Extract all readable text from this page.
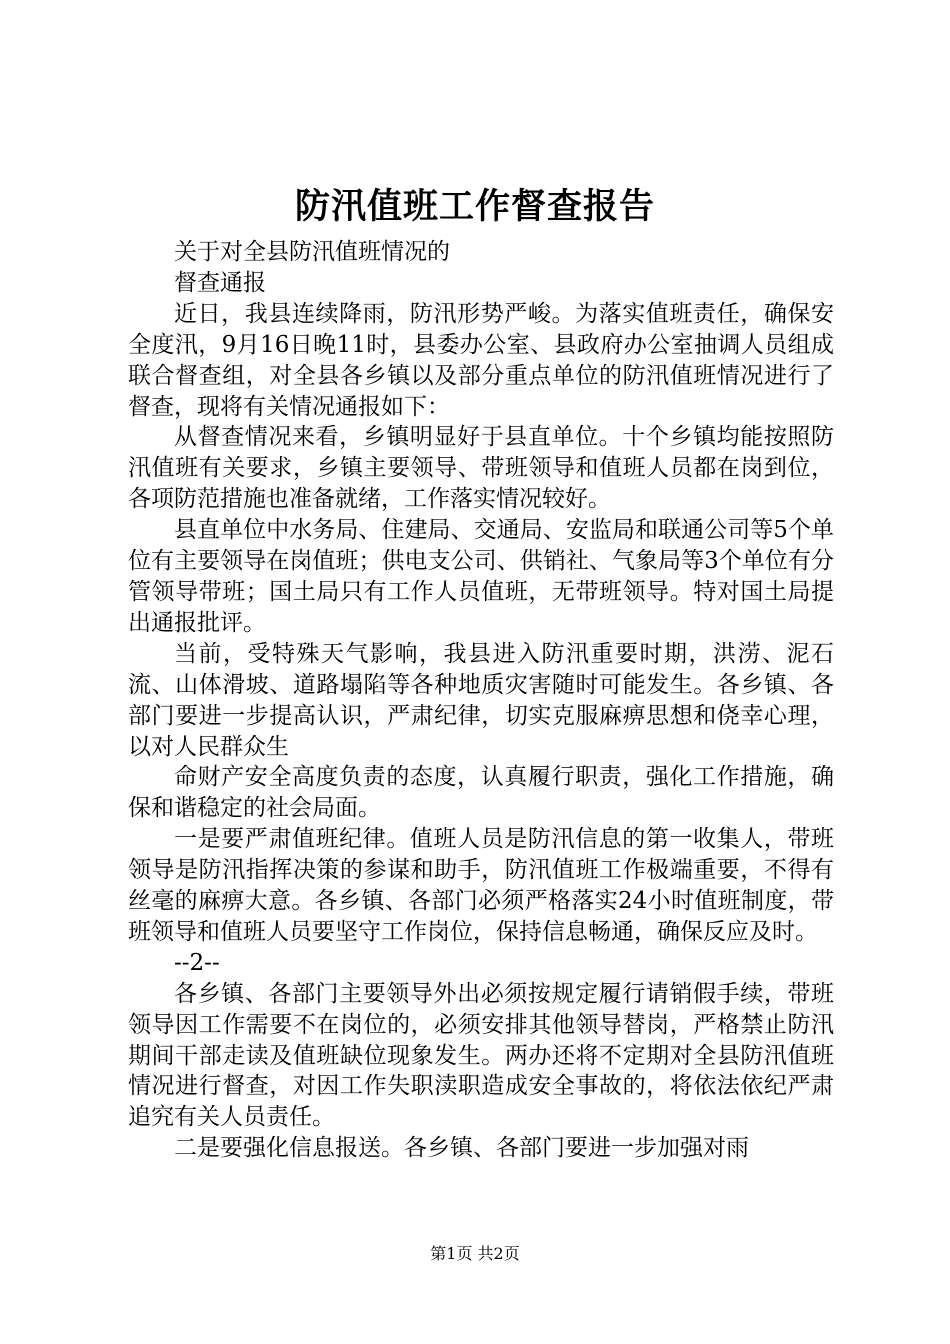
防汛值班工作督查报告

关于对全县防汛值班情况的

督查通报

近日，我县连续降雨，防汛形势严峻。为落实值班责任，确保安全度汛，9月16日晚11时，县委办公室、县政府办公室抽调人员组成联合督查组，对全县各乡镇以及部分重点单位的防汛值班情况进行了督查，现将有关情况通报如下：

从督查情况来看，乡镇明显好于县直单位。十个乡镇均能按照防汛值班有关要求，乡镇主要领导、带班领导和值班人员都在岗到位，各项防范措施也准备就绪，工作落实情况较好。

县直单位中水务局、住建局、交通局、安监局和联通公司等5个单位有主要领导在岗值班；供电支公司、供销社、气象局等3个单位有分管领导带班；国土局只有工作人员值班，无带班领导。特对国土局提出通报批评。

当前，受特殊天气影响，我县进入防汛重要时期，洪涝、泥石流、山体滑坡、道路塌陷等各种地质灾害随时可能发生。各乡镇、各部门要进一步提高认识，严肃纪律，切实克服麻痹思想和侥幸心理，以对人民群众生

命财产安全高度负责的态度，认真履行职责，强化工作措施，确保和谐稳定的社会局面。

一是要严肃值班纪律。值班人员是防汛信息的第一收集人，带班领导是防汛指挥决策的参谋和助手，防汛值班工作极端重要，不得有丝毫的麻痹大意。各乡镇、各部门必须严格落实24小时值班制度，带班领导和值班人员要坚守工作岗位，保持信息畅通，确保反应及时。

--2--

各乡镇、各部门主要领导外出必须按规定履行请销假手续，带班领导因工作需要不在岗位的，必须安排其他领导替岗，严格禁止防汛期间干部走读及值班缺位现象发生。两办还将不定期对全县防汛值班情况进行督查，对因工作失职渎职造成安全事故的，将依法依纪严肃追究有关人员责任。

二是要强化信息报送。各乡镇、各部门要进一步加强对雨

第1页 共2页
